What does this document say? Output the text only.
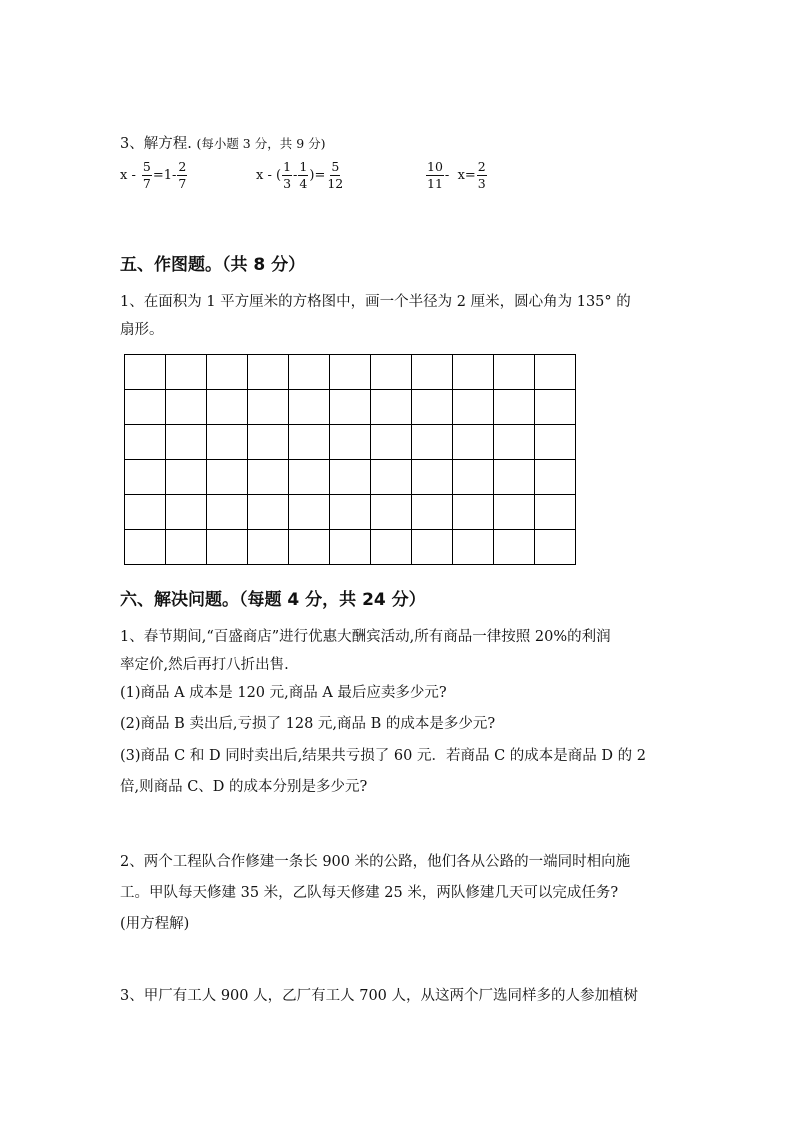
3、解方程. (每小题 3 分，共 9 分)
$x - \frac{5}{7} =1- \frac{2}{7}$	x - ( $\frac{1}{3} - \frac{1}{4}$ )= $\frac{5}{12}$	$\frac{10}{11} - x= \frac{2}{3}$
五、作图题。（共 8 分）
1、在面积为 1 平方厘米的方格图中，画一个半径为 2 厘米，圆心角为 135° 的
扇形。

六、解决问题。（每题 4 分，共 24 分）
1、春节期间,“百盛商店”进行优惠大酬宾活动,所有商品一律按照 20%的利润
率定价,然后再打八折出售.
(1)商品 A 成本是 120 元,商品 A 最后应卖多少元?
(2)商品 B 卖出后,亏损了 128 元,商品 B 的成本是多少元?
(3)商品 C 和 D 同时卖出后,结果共亏损了 60 元．若商品 C 的成本是商品 D 的 2
倍,则商品 C、D 的成本分别是多少元?
2、两个工程队合作修建一条长 900 米的公路，他们各从公路的一端同时相向施
工。甲队每天修建 35 米，乙队每天修建 25 米，两队修建几天可以完成任务?
(用方程解)
3、甲厂有工人 900 人，乙厂有工人 700 人，从这两个厂选同样多的人参加植树
